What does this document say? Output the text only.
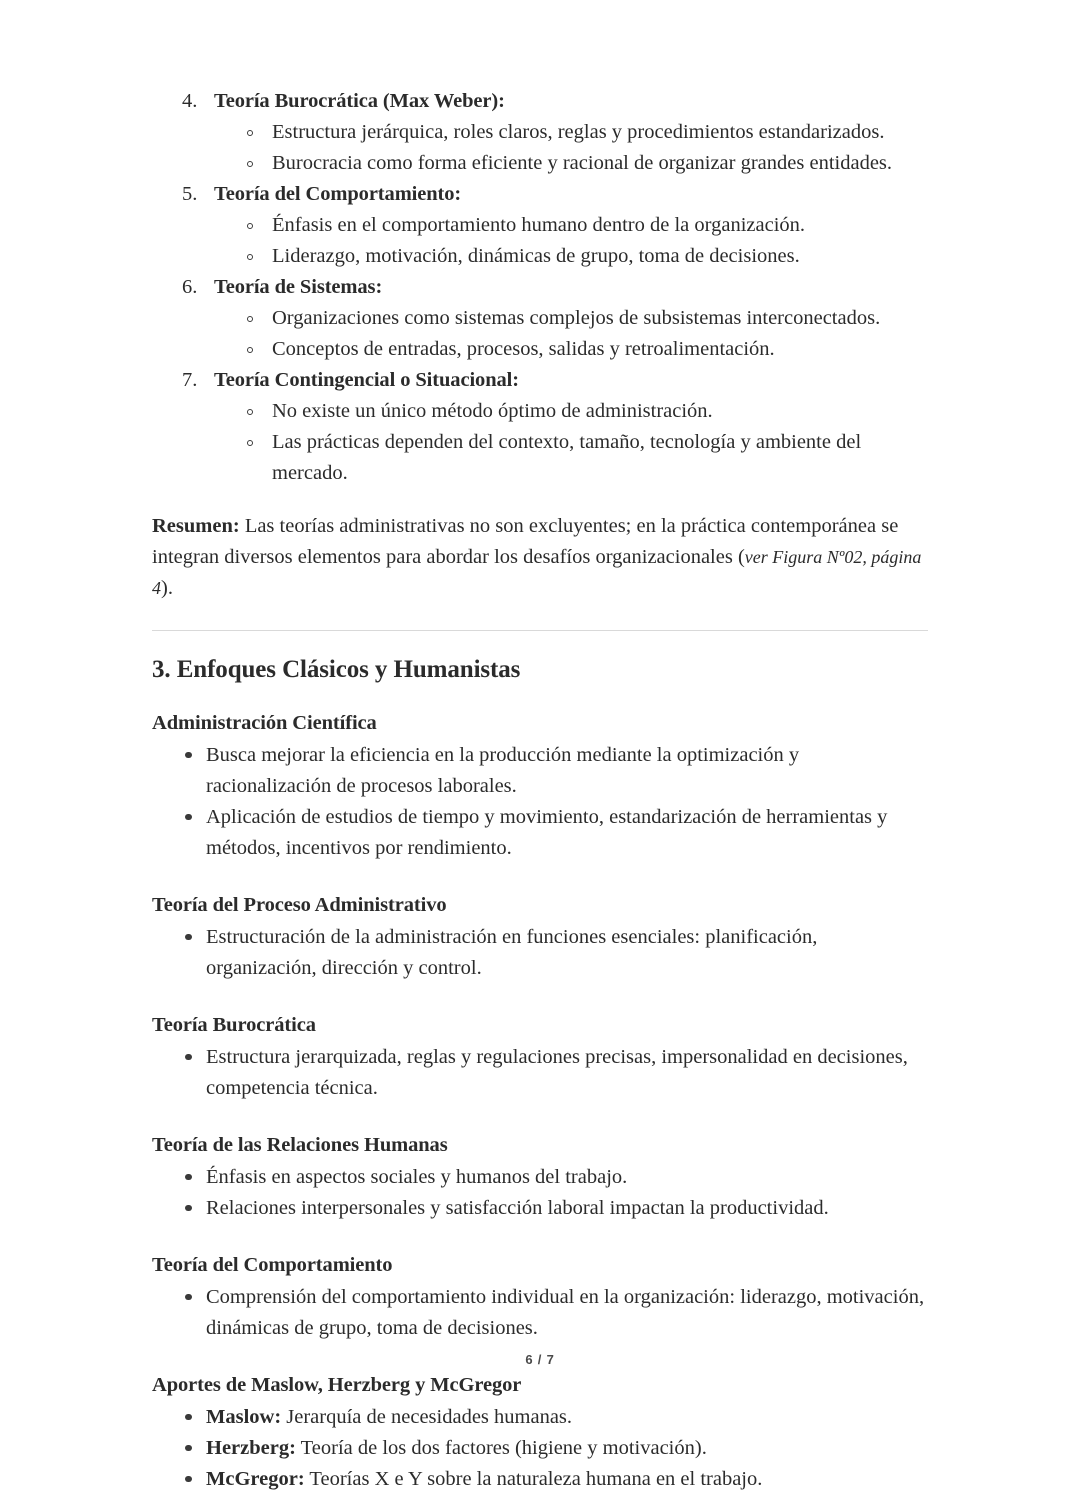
4. Teoría Burocrática (Max Weber):
Estructura jerárquica, roles claros, reglas y procedimientos estandarizados.
Burocracia como forma eficiente y racional de organizar grandes entidades.
5. Teoría del Comportamiento:
Énfasis en el comportamiento humano dentro de la organización.
Liderazgo, motivación, dinámicas de grupo, toma de decisiones.
6. Teoría de Sistemas:
Organizaciones como sistemas complejos de subsistemas interconectados.
Conceptos de entradas, procesos, salidas y retroalimentación.
7. Teoría Contingencial o Situacional:
No existe un único método óptimo de administración.
Las prácticas dependen del contexto, tamaño, tecnología y ambiente del mercado.

Resumen: Las teorías administrativas no son excluyentes; en la práctica contemporánea se integran diversos elementos para abordar los desafíos organizacionales (ver Figura Nº02, página 4).

3. Enfoques Clásicos y Humanistas
Administración Científica
Busca mejorar la eficiencia en la producción mediante la optimización y racionalización de procesos laborales.
Aplicación de estudios de tiempo y movimiento, estandarización de herramientas y métodos, incentivos por rendimiento.
Teoría del Proceso Administrativo
Estructuración de la administración en funciones esenciales: planificación, organización, dirección y control.
Teoría Burocrática
Estructura jerarquizada, reglas y regulaciones precisas, impersonalidad en decisiones, competencia técnica.
Teoría de las Relaciones Humanas
Énfasis en aspectos sociales y humanos del trabajo.
Relaciones interpersonales y satisfacción laboral impactan la productividad.
Teoría del Comportamiento
Comprensión del comportamiento individual en la organización: liderazgo, motivación, dinámicas de grupo, toma de decisiones.
Aportes de Maslow, Herzberg y McGregor
Maslow: Jerarquía de necesidades humanas.
Herzberg: Teoría de los dos factores (higiene y motivación).
McGregor: Teorías X e Y sobre la naturaleza humana en el trabajo.
6 / 7
